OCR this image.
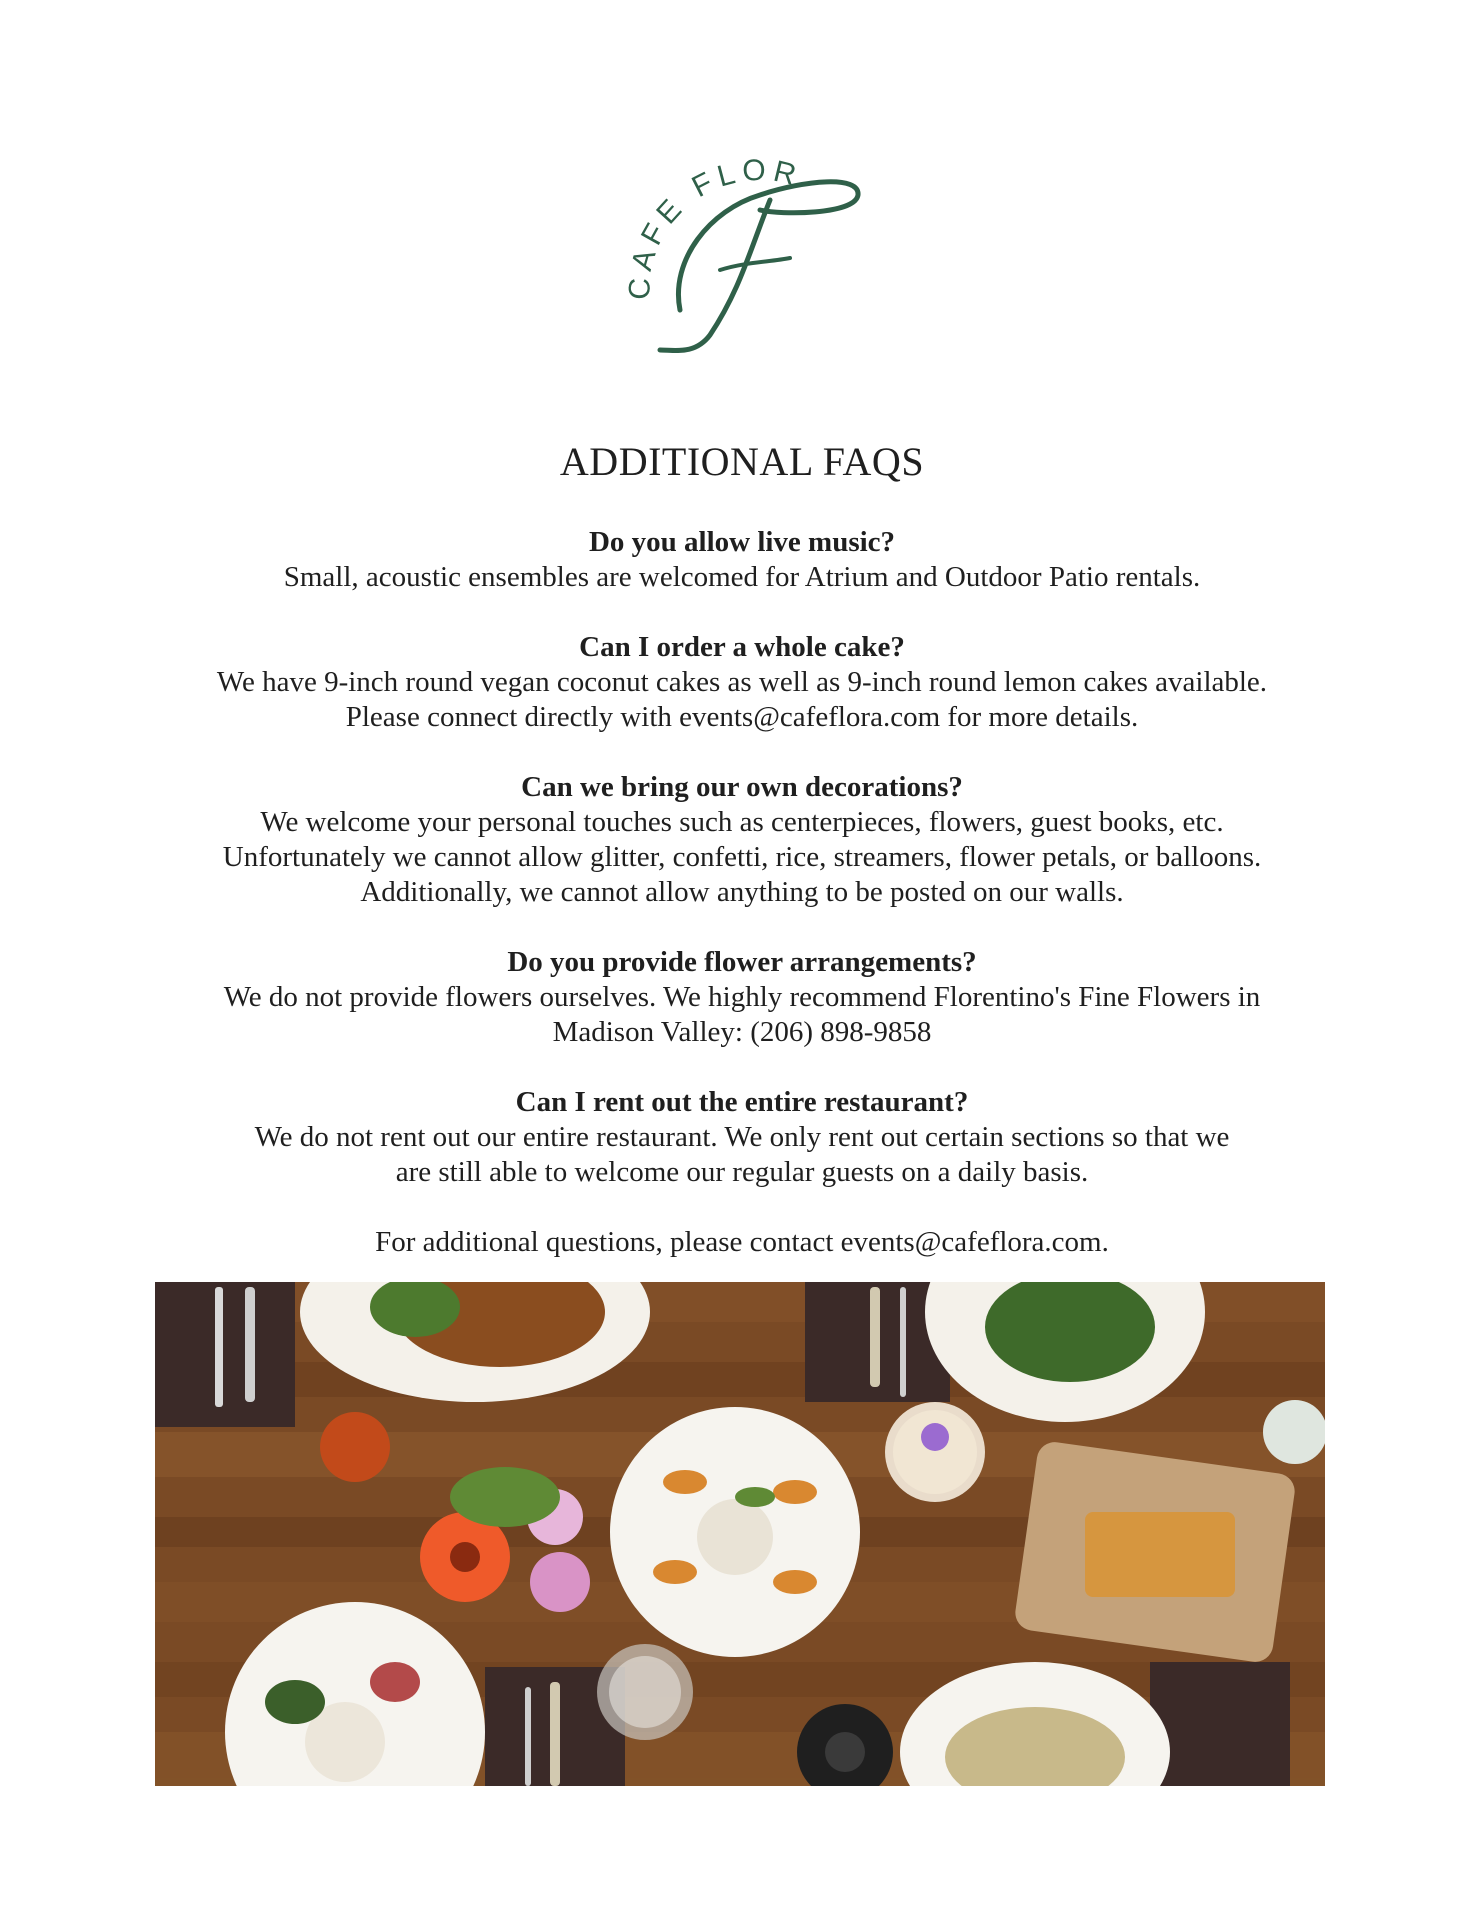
CAFE FLOR
ADDITIONAL FAQS

Do you allow live music?

Small, acoustic ensembles are welcomed for Atrium and Outdoor Patio rentals.

Can I order a whole cake?

We have 9-inch round vegan coconut cakes as well as 9-inch round lemon cakes available.

Please connect directly with events@cafeflora.com for more details.

Can we bring our own decorations?

We welcome your personal touches such as centerpieces, flowers, guest books, etc.

Unfortunately we cannot allow glitter, confetti, rice, streamers, flower petals, or balloons.

Additionally, we cannot allow anything to be posted on our walls.

Do you provide flower arrangements?

We do not provide flowers ourselves. We highly recommend Florentino's Fine Flowers in

Madison Valley: (206) 898-9858

Can I rent out the entire restaurant?

We do not rent out our entire restaurant. We only rent out certain sections so that we

are still able to welcome our regular guests on a daily basis.

For additional questions, please contact events@cafeflora.com.
